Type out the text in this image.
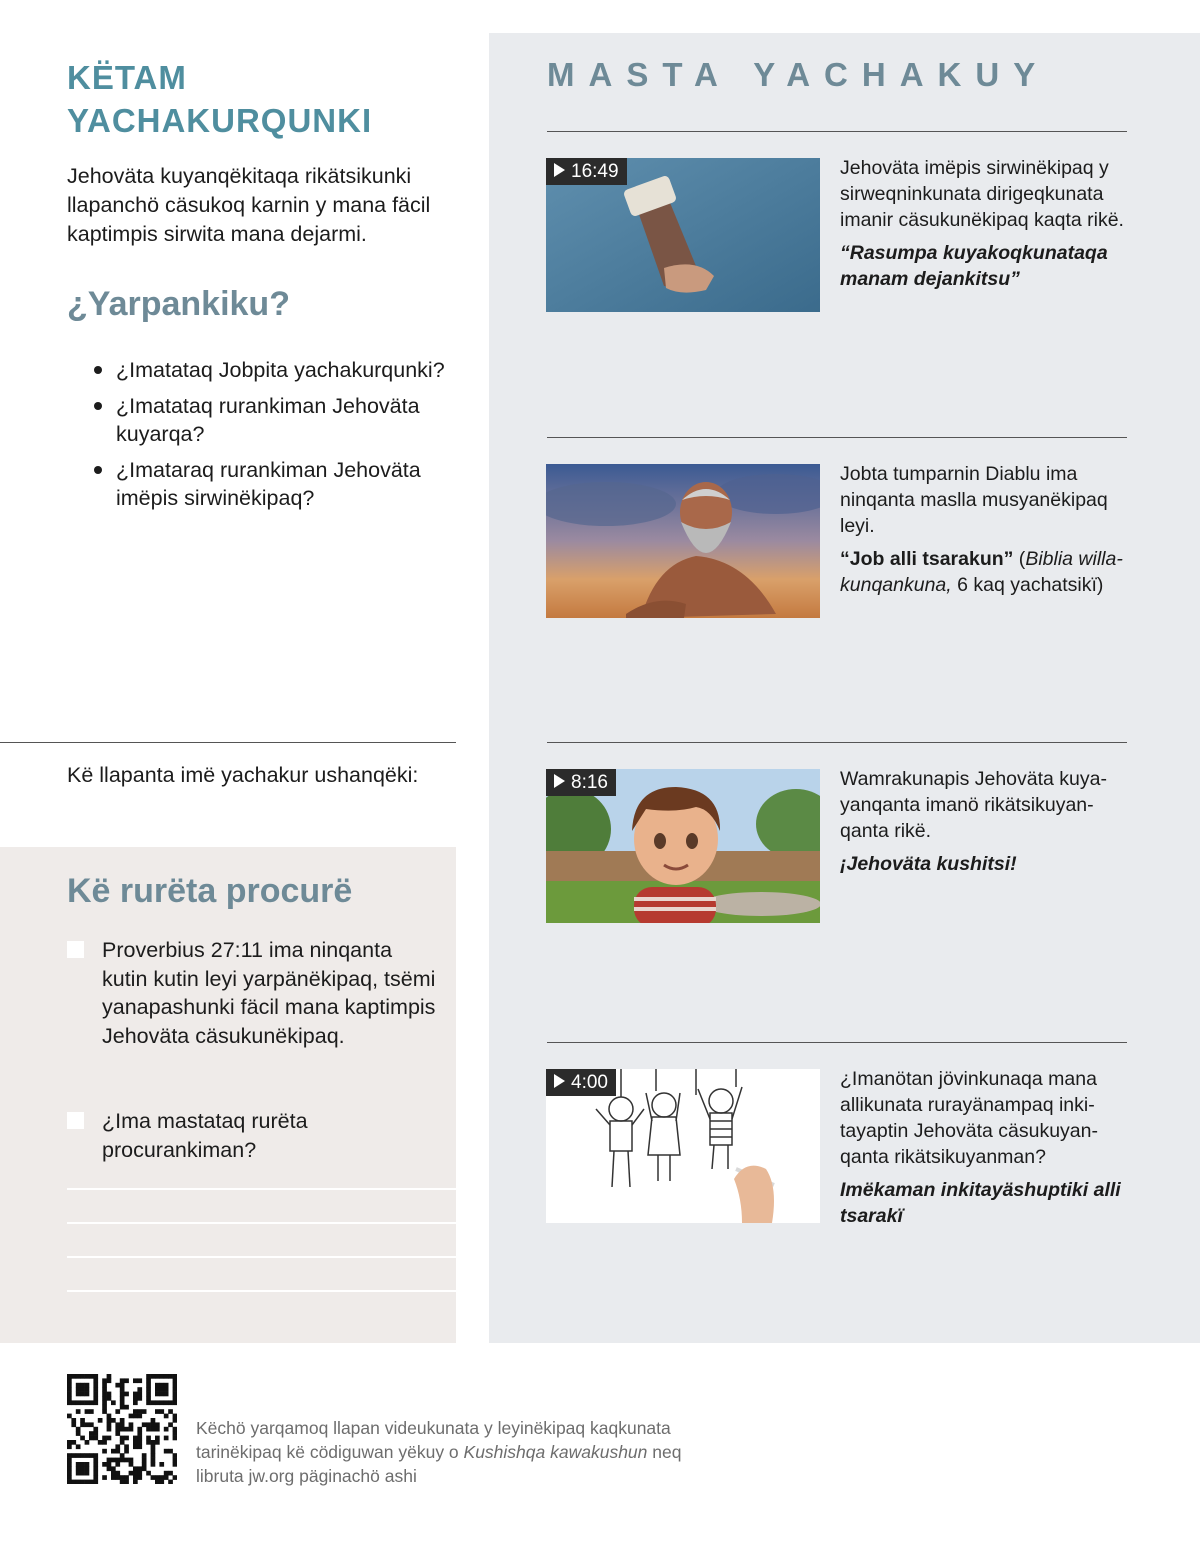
KËTAM
YACHAKURQUNKI

Jehoväta kuyanqëkitaqa rikätsikunki llapanchö cäsukoq karnin y mana fäcil kaptimpis sirwita mana dejarmi.

¿Yarpankiku?
¿Imatataq Jobpita yachakurqunki?
¿Imatataq rurankiman Jehoväta kuyarqa?
¿Imataraq rurankiman Jehoväta imëpis sirwinëkipaq?

Kë llapanta imë yachakur ushanqëki:

Kë rurëta procurë

Proverbius 27:11 ima ninqanta kutin kutin leyi yarpänëkipaq, tsëmi yanapashunki fäcil mana kaptimpis Jehoväta cäsukunëkipaq.

¿Ima mastataq rurëta procurankiman?

MASTA YACHAKUY
16:49	Jehoväta imëpis sirwinëkipaq y sirweqninkunata dirigeqkunata imanir cäsukunëkipaq kaqta rikë.

“Rasumpa kuyakoqkunataqa manam dejankitsu”

Jobta tumparnin Diablu ima ninqanta maslla musyanëkipaq leyi.

“Job alli tsarakun” (Biblia willakunqankuna, 6 kaq yachatsikï)

8:16	Wamrakunapis Jehoväta kuyayanqanta imanö rikätsikuyanqanta rikë.

¡Jehoväta kushitsi!

4:00	¿Imanötan jövinkunaqa mana allikunata rurayänampaq inkitayaptin Jehoväta cäsukuyanqanta rikätsikuyanman?

Imëkaman inkitayäshuptiki alli tsarakï

Këchö yarqamoq llapan videukunata y leyinëkipaq kaqkunata

tarinëkipaq kë cödiguwan yëkuy o Kushishqa kawakushun neq

libruta jw.org päginachö ashi
